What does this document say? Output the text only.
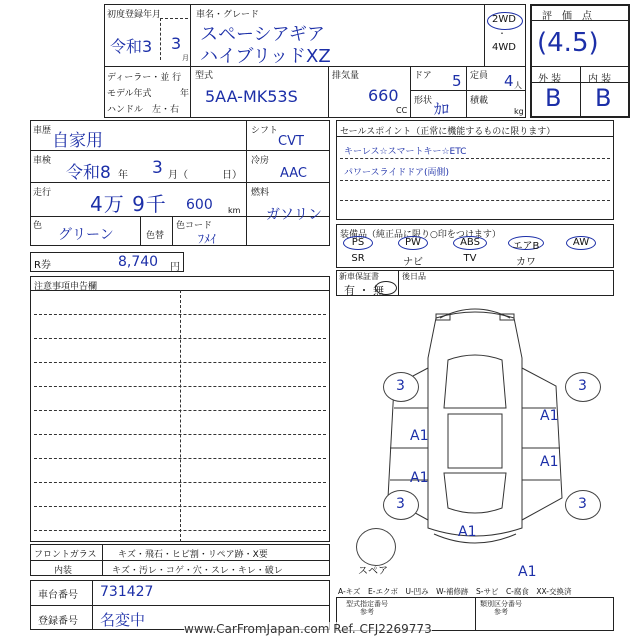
初度登録年月
令和3 3
月
車名・グレード
スペーシアギア
ハイブリッドXZ
2WD
・
4WD
ディーラー・並 行
モデル年式	年
ハンドル　左・右
型式
5AA-MK53S
排気量
660
CC
ドア 5 定員 4 人
形状 ｶﾛ 積載
kg
評　価　点
(4.5)
外 装	内 装
B B
車歴 自家用
車検
令和8 年 3 月（	日）
走行 4万 9千 600 km
色
グリーン	色替
色コード
ﾌﾒｲ
シフト
CVT
冷房
AAC
燃料
ガソリン
R券	8,740 円
セールスポイント（正常に機能するものに限ります）
キーレス☆スマートキー☆ETC
パワースライドドア(両側)
装備品（純正品に限り○印をつけます）
PS	PW	ABS	エアB	AW
SR	ナビ	TV	カワ
新車保証書
有 ・ 無
後日品
注意事項申告欄
スペア
3	3
3	3
A1
A1
A1
A1
A1
A1
フロントガラス キズ・飛石・ヒビ割・リペア跡・X要
内装	キズ・汚レ・コゲ・穴・スレ・キレ・破レ
車台番号 731427
登録番号 名変中
A-キズ　E-エクボ　U-凹み　W-補修跡　S-サビ　C-腐食　XX-交換済
型式指定番号
参考
類別区分番号
参考
www.CarFromJapan.com Ref. CFJ2269773
